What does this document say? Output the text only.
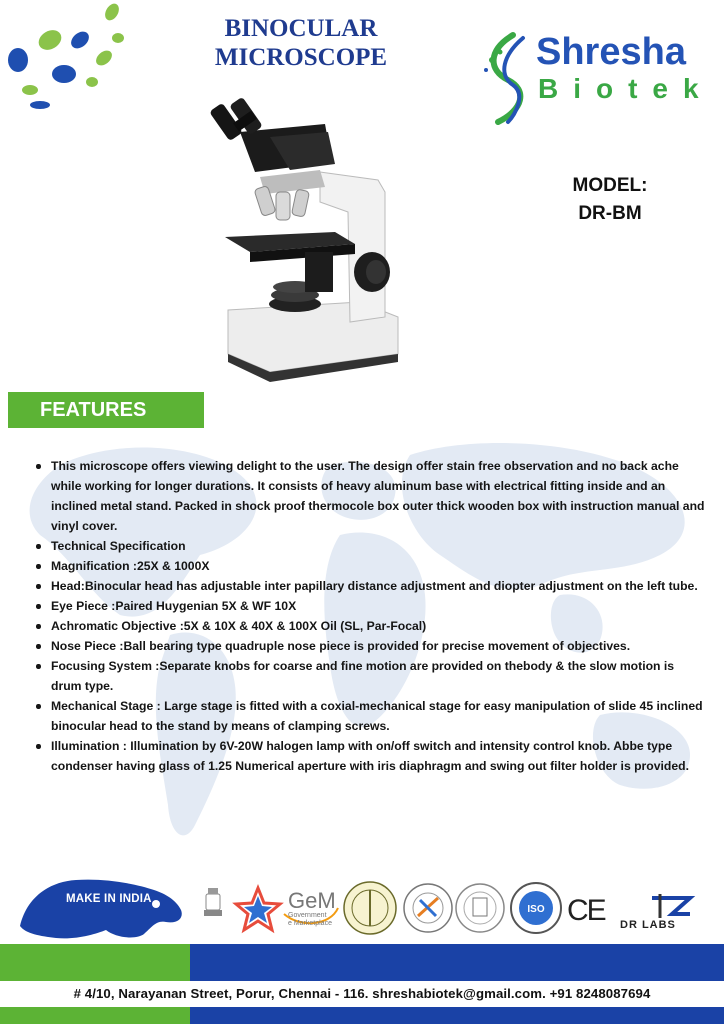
BINOCULAR
MICROSCOPE	Shresha
Biotek
MODEL:
DR-BM
FEATURES
This microscope offers viewing delight to the user. The design offer stain free observation and no back ache while working for longer durations. It consists of heavy aluminum base with electrical fitting inside and an inclined metal stand. Packed in shock proof thermocole box outer thick wooden box with instruction manual and vinyl cover.
Technical Specification
Magnification :25X & 1000X
Head:Binocular head has adjustable inter papillary distance adjustment and diopter adjustment on the left tube.
Eye Piece :Paired Huygenian 5X & WF 10X
Achromatic Objective :5X & 10X & 40X & 100X Oil (SL, Par-Focal)
Nose Piece :Ball bearing type quadruple nose piece is provided for precise movement of objectives.
Focusing System :Separate knobs for coarse and fine motion are provided on thebody & the slow motion is drum type.
Mechanical Stage : Large stage is fitted with a coxial-mechanical stage for easy manipulation of slide 45 inclined binocular head to the stand by means of clamping screws.
Illumination : Illumination by 6V-20W halogen lamp with on/off switch and intensity control knob. Abbe type condenser having glass of 1.25 Numerical aperture with iris diaphragm and swing out filter holder is provided.
ISO
MAKE IN INDIA	GeM
Government
e Marketplace	CE DR LABS
# 4/10, Narayanan Street, Porur, Chennai - 116. shreshabiotek@gmail.com. +91 8248087694
